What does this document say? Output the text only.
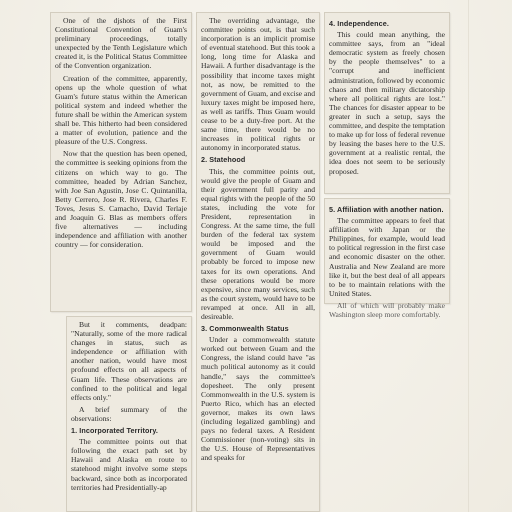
One of the djshots of the First Constitutional Convention of Guam's preliminary proceedings, totally unexpected by the Tenth Legislature which created it, is the Political Status Committee of the Convention organization.

Creation of the committee, apparently, opens up the whole question of what Guam's future status within the American political system and indeed whether the future shall be within the American system shall be. This hitherto had been considered a matter of evolution, patience and the pleasure of the U.S. Congress.

Now that the question has been opened, the committee is seeking opinions from the citizens on which way to go. The committee, headed by Adrian Sanchez, with Joe San Agustin, Jose C. Quintanilla, Betty Cerrero, Jose R. Rivera, Charles F. Toves, Jesus S. Camacho, David Terlaje and Joaquin G. Blas as members offers five alternatives — including independence and affiliation with another country — for consideration.

But it comments, deadpan: "Naturally, some of the more radical changes in status, such as independence or affiliation with another nation, would have most profound effects on all aspects of Guam life. These observations are confined to the political and legal effects only."

A brief summary of the observations:

1. Incorporated Territory.

The committee points out that following the exact path set by Hawaii and Alaska en route to statehood might involve some steps backward, since both as incorporated territories had Presidentially-ap

The overriding advantage, the committee points out, is that such incorporation is an implicit promise of eventual statehood. But this took a long, long time for Alaska and Hawaii. A further disadvantage is the possibility that income taxes might not, as now, be remitted to the government of Guam, and excise and luxury taxes might be imposed here, as well as tariffs. Thus Guam would cease to be a duty-free port. At the same time, there would be no increases in political rights or autonomy in incorporated status.

2. Statehood

This, the committee points out, would give the people of Guam and their government full parity and equal rights with the people of the 50 states, including the vote for President, representation in Congress. At the same time, the full burden of the federal tax system would be imposed and the government of Guam would probably be forced to impose new taxes for its own operations. And these operations would be more expensive, since many services, such as the court system, would have to be revamped at once. All in all, desireable.

3. Commonwealth Status

Under a commonwealth statute worked out between Guam and the Congress, the island could have "as much political autonomy as it could handle," says the committee's dopesheet. The only present Commonwealth in the U.S. system is Puerto Rico, which has an elected governor, makes its own laws (including legalized gambling) and pays no federal taxes. A Resident Commissioner (non-voting) sits in the U.S. House of Representatives and speaks for

4. Independence.

This could mean anything, the committee says, from an "ideal democratic system as freely chosen by the people themselves" to a "corrupt and inefficient administration, followed by economic chaos and then military dictatorship where all political rights are lost." The chances for disaster appear to be greater in such a setup, says the committee, and despite the temptation to make up for loss of federal revenue by leasing the bases here to the U.S. government at a realistic rental, the idea does not seem to be seriously proposed.

5. Affiliation with another nation.

The committee appears to feel that affiliation with Japan or the Philippines, for example, would lead to political regression in the first case and economic disaster on the other. Australia and New Zealand are more like it, but the best deal of all appears to be to maintain relations with the United States.

All of which will probably make Washington sleep more comfortably.
